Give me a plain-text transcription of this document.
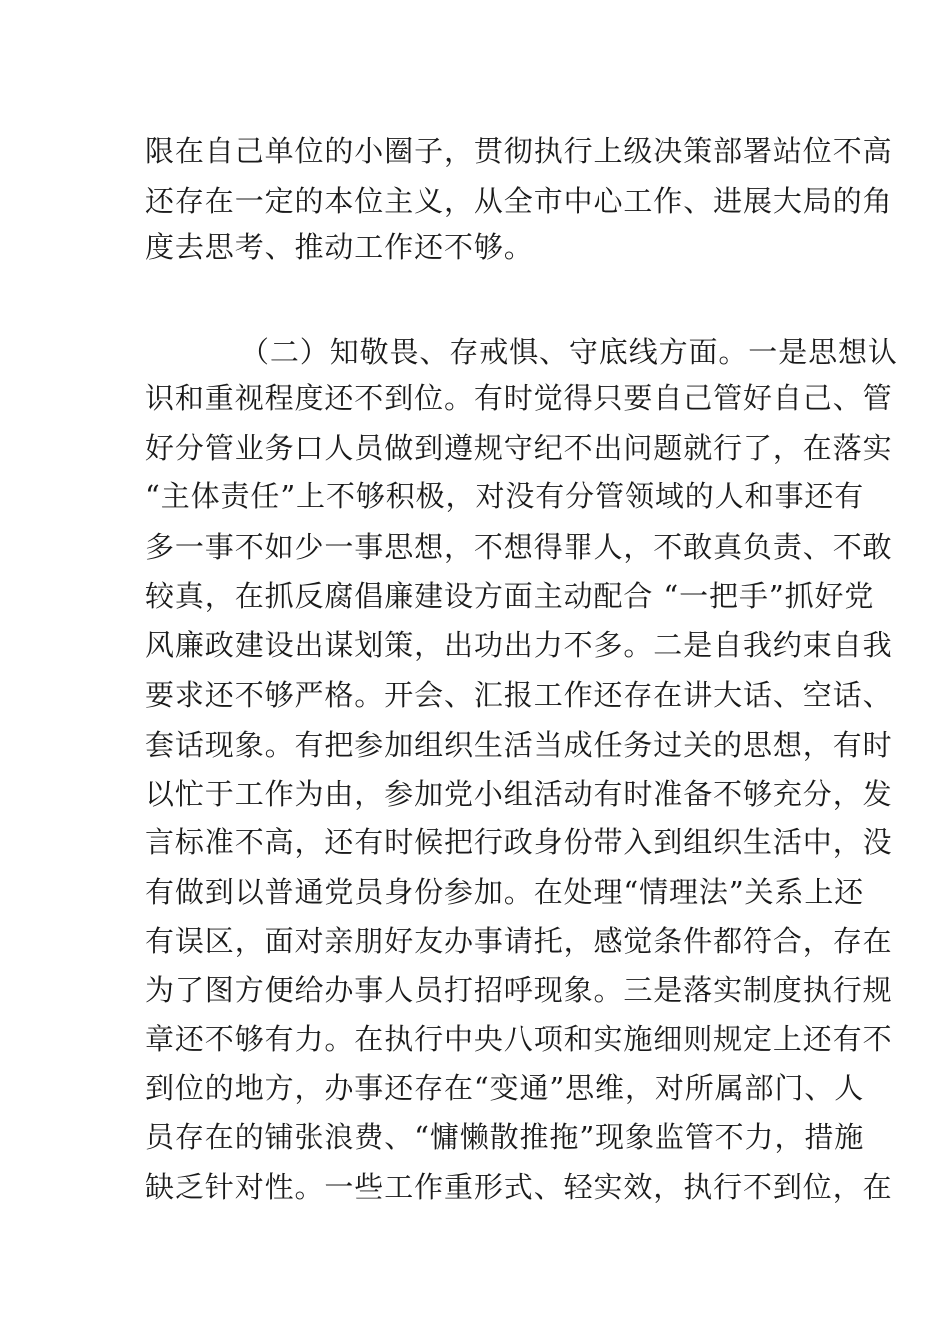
限在自己单位的小圈子，贯彻执行上级决策部署站位不高
还存在一定的本位主义，从全市中心工作、进展大局的角
度去思考、推动工作还不够。
（二）知敬畏、存戒惧、守底线方面。一是思想认
识和重视程度还不到位。有时觉得只要自己管好自己、管
好分管业务口人员做到遵规守纪不出问题就行了，在落实
“主体责任”上不够积极，对没有分管领域的人和事还有
多一事不如少一事思想，不想得罪人，不敢真负责、不敢
较真，在抓反腐倡廉建设方面主动配合 “一把手”抓好党
风廉政建设出谋划策，出功出力不多。二是自我约束自我
要求还不够严格。开会、汇报工作还存在讲大话、空话、
套话现象。有把参加组织生活当成任务过关的思想，有时
以忙于工作为由，参加党小组活动有时准备不够充分，发
言标准不高，还有时候把行政身份带入到组织生活中，没
有做到以普通党员身份参加。在处理“情理法”关系上还
有误区，面对亲朋好友办事请托，感觉条件都符合，存在
为了图方便给办事人员打招呼现象。三是落实制度执行规
章还不够有力。在执行中央八项和实施细则规定上还有不
到位的地方，办事还存在“变通”思维，对所属部门、人
员存在的铺张浪费、“慵懒散推拖”现象监管不力，措施
缺乏针对性。一些工作重形式、轻实效，执行不到位，在
